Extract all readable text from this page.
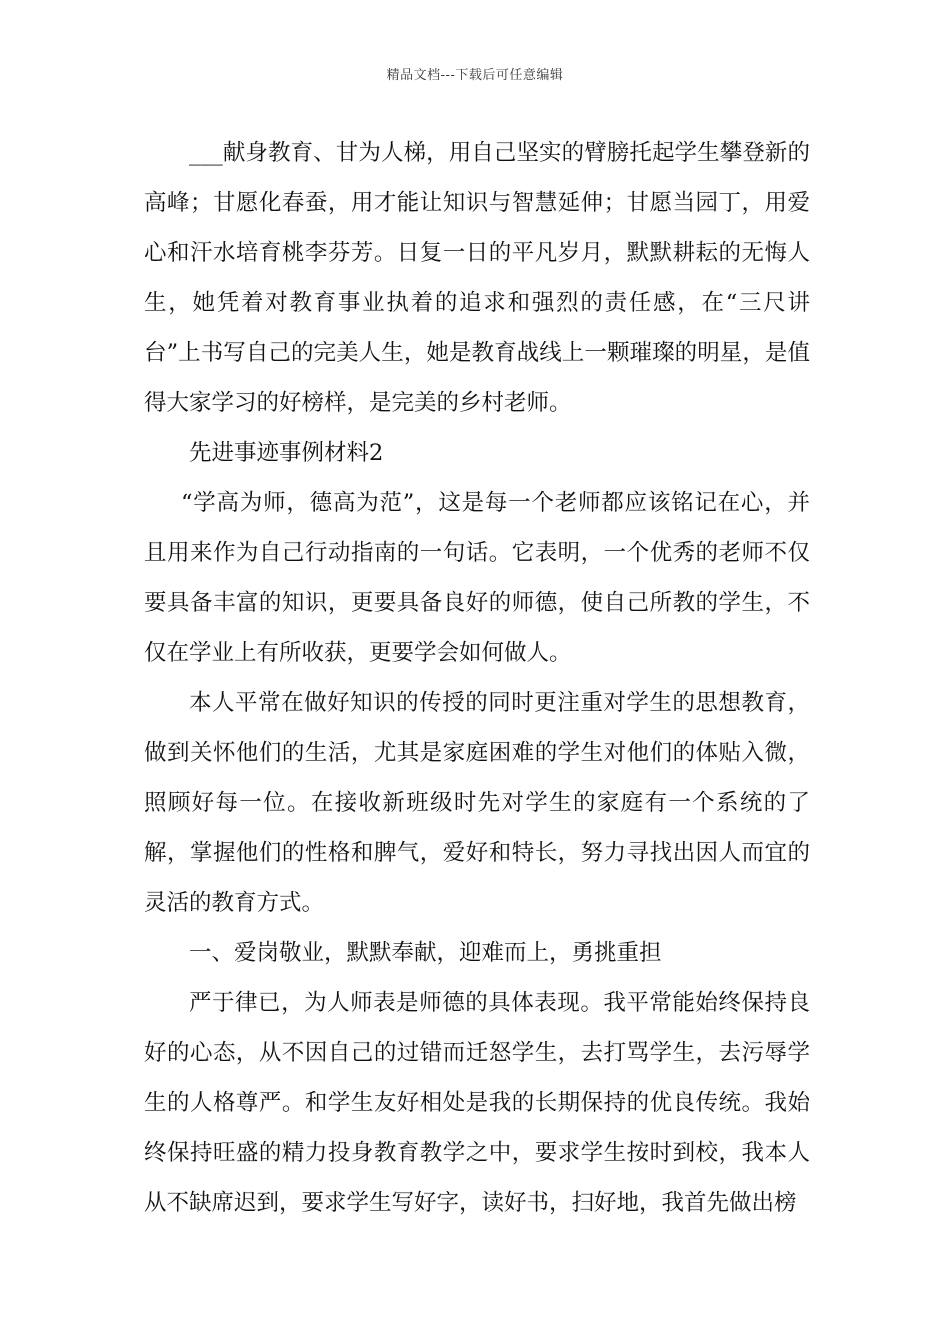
精品文档---下载后可任意编辑

___献身教育、甘为人梯，用自己坚实的臂膀托起学生攀登新的高峰；甘愿化春蚕，用才能让知识与智慧延伸；甘愿当园丁，用爱心和汗水培育桃李芬芳。日复一日的平凡岁月，默默耕耘的无悔人生，她凭着对教育事业执着的追求和强烈的责任感，在“三尺讲台”上书写自己的完美人生，她是教育战线上一颗璀璨的明星，是值得大家学习的好榜样，是完美的乡村老师。

先进事迹事例材料2

“学高为师，德高为范”，这是每一个老师都应该铭记在心，并且用来作为自己行动指南的一句话。它表明，一个优秀的老师不仅要具备丰富的知识，更要具备良好的师德，使自己所教的学生，不仅在学业上有所收获，更要学会如何做人。

本人平常在做好知识的传授的同时更注重对学生的思想教育，做到关怀他们的生活，尤其是家庭困难的学生对他们的体贴入微，照顾好每一位。在接收新班级时先对学生的家庭有一个系统的了解，掌握他们的性格和脾气，爱好和特长，努力寻找出因人而宜的灵活的教育方式。

一、爱岗敬业，默默奉献，迎难而上，勇挑重担

严于律已，为人师表是师德的具体表现。我平常能始终保持良好的心态，从不因自己的过错而迁怒学生，去打骂学生，去污辱学生的人格尊严。和学生友好相处是我的长期保持的优良传统。我始终保持旺盛的精力投身教育教学之中，要求学生按时到校，我本人从不缺席迟到，要求学生写好字，读好书，扫好地，我首先做出榜
